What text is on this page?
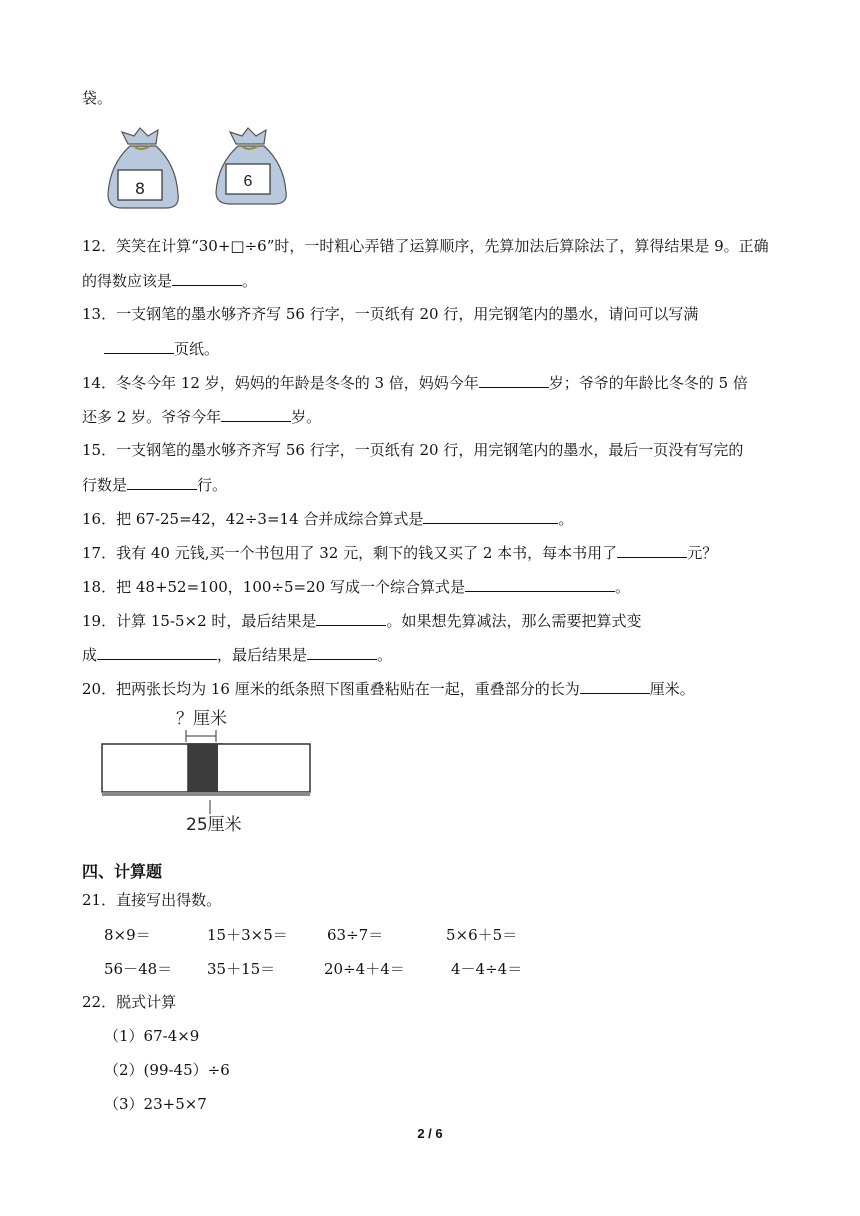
袋。
8	6
12．笑笑在计算“30+□÷6”时，一时粗心弄错了运算顺序，先算加法后算除法了，算得结果是 9。正确
的得数应该是	。
13．一支钢笔的墨水够齐齐写 56 行字，一页纸有 20 行，用完钢笔内的墨水，请问可以写满
页纸。
14．冬冬今年 12 岁，妈妈的年龄是冬冬的 3 倍，妈妈今年	岁；爷爷的年龄比冬冬的 5 倍
还多 2 岁。爷爷今年	岁。
15．一支钢笔的墨水够齐齐写 56 行字，一页纸有 20 行，用完钢笔内的墨水，最后一页没有写完的
行数是	行。
16．把 67-25=42，42÷3=14 合并成综合算式是	。
17．我有 40 元钱,买一个书包用了 32 元，剩下的钱又买了 2 本书，每本书用了	元？
18．把 48+52=100，100÷5=20 写成一个综合算式是	。
19．计算 15-5×2 时，最后结果是	。如果想先算减法，那么需要把算式变
成	，最后结果是	。
20．把两张长均为 16 厘米的纸条照下图重叠粘贴在一起，重叠部分的长为	厘米。
？厘米
25厘米
四、计算题
21．直接写出得数。
8×9＝	15＋3×5＝	63÷7＝	5×6＋5＝
56－48＝ 35＋15＝	20÷4＋4＝	4－4÷4＝
22．脱式计算
（1）67-4×9
（2）(99-45）÷6
（3）23+5×7
2 / 6
